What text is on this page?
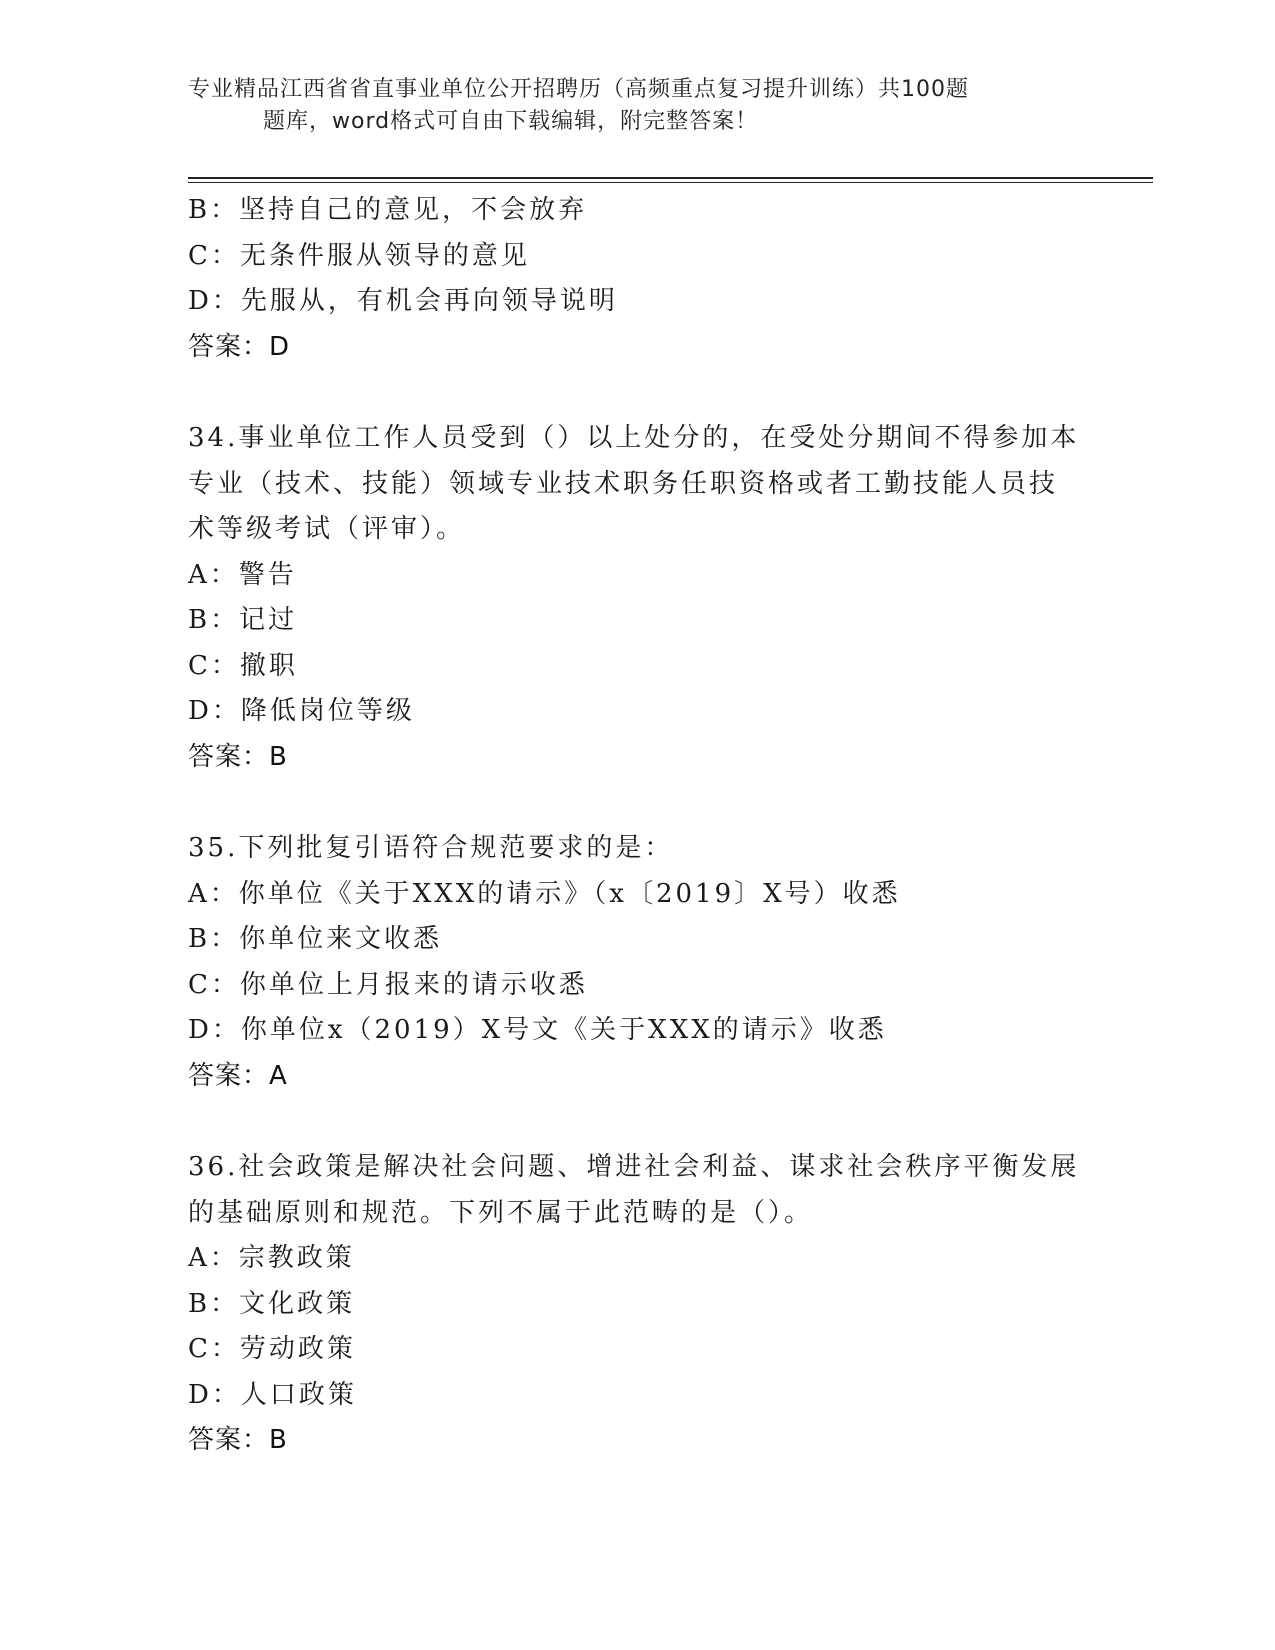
专业精品江西省省直事业单位公开招聘历（高频重点复习提升训练）共100题
题库，word格式可自由下载编辑，附完整答案！
B：坚持自己的意见，不会放弃
C：无条件服从领导的意见
D：先服从，有机会再向领导说明
答案：D
34.事业单位工作人员受到（）以上处分的，在受处分期间不得参加本
专业（技术、技能）领域专业技术职务任职资格或者工勤技能人员技
术等级考试（评审）。
A：警告
B：记过
C：撤职
D：降低岗位等级
答案：B
35.下列批复引语符合规范要求的是：
A：你单位《关于XXX的请示》（x〔2019〕X号）收悉
B：你单位来文收悉
C：你单位上月报来的请示收悉
D：你单位x（2019）X号文《关于XXX的请示》收悉
答案：A
36.社会政策是解决社会问题、增进社会利益、谋求社会秩序平衡发展
的基础原则和规范。下列不属于此范畴的是（）。
A：宗教政策
B：文化政策
C：劳动政策
D：人口政策
答案：B
